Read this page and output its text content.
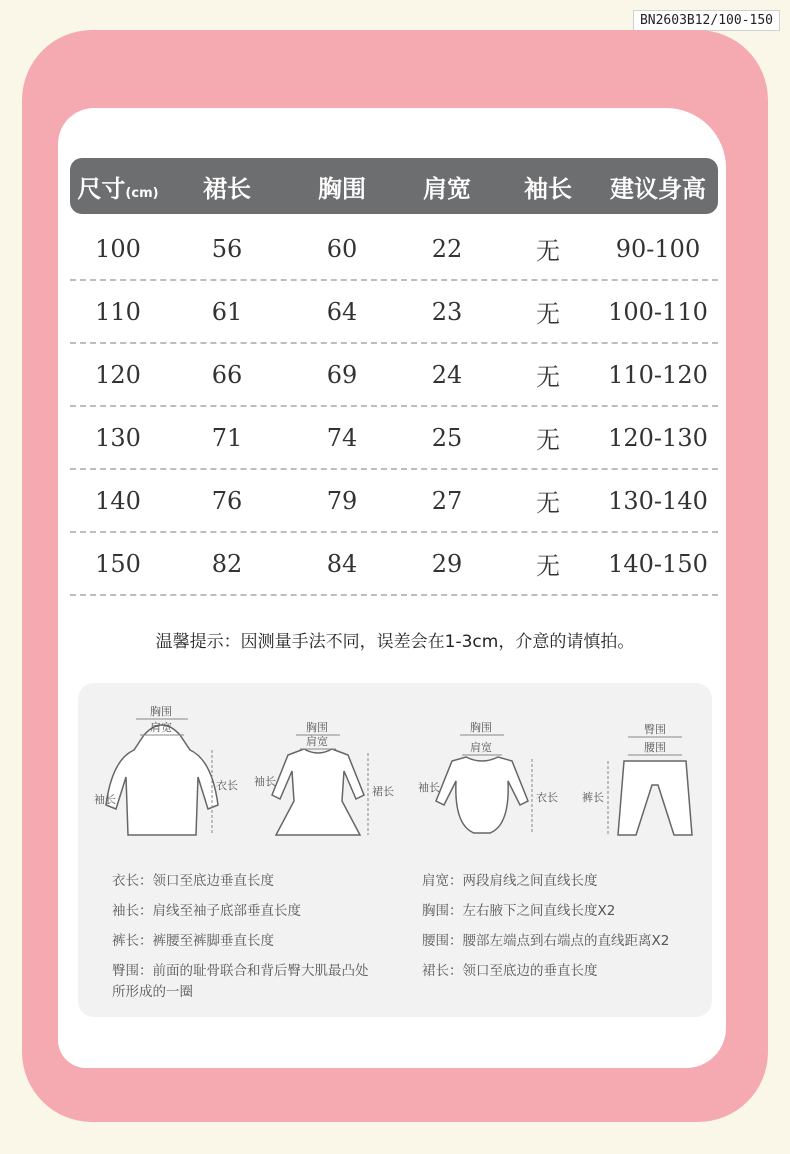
BN2603B12/100-150
尺寸(cm)	裙长	胸围	肩宽	袖长	建议身高
100	56	60	22	无	90-100
110	61	64	23	无	100-110
120	66	69	24	无	110-120
130	71	74	25	无	120-130
140	76	79	27	无	130-140
150	82	84	29	无	140-150
温馨提示：因测量手法不同，误差会在1-3cm，介意的请慎拍。
胸围
肩宽
衣长
袖长
胸围
肩宽
裙长
袖长
胸围
肩宽
衣长
袖长
臀围
腰围
裤长
衣长：领口至底边垂直长度
袖长：肩线至袖子底部垂直长度
裤长：裤腰至裤脚垂直长度
臀围：前面的耻骨联合和背后臀大肌最凸处
所形成的一圈
肩宽：两段肩线之间直线长度
胸围：左右腋下之间直线长度X2
腰围：腰部左端点到右端点的直线距离X2
裙长：领口至底边的垂直长度
